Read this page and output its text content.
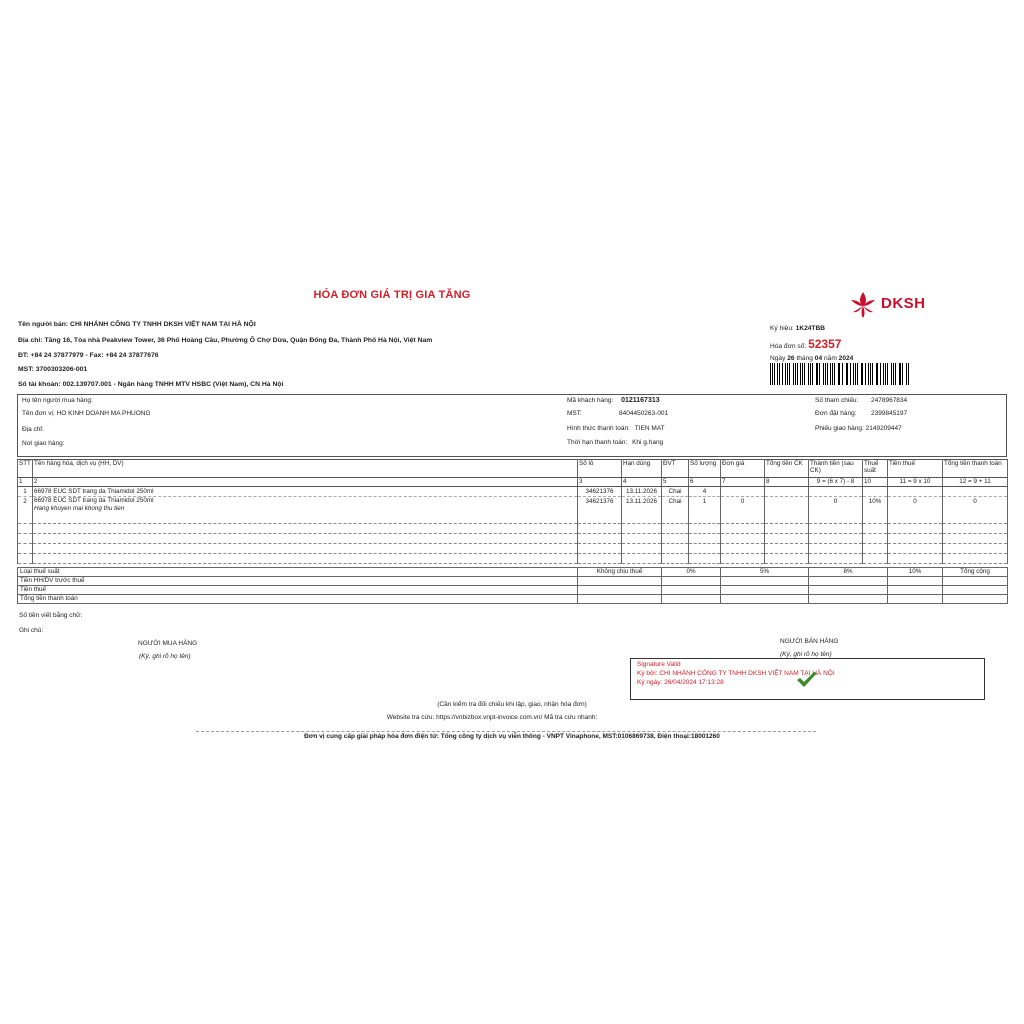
HÓA ĐƠN GIÁ TRỊ GIA TĂNG	DKSH
Tên người bán: CHI NHÁNH CÔNG TY TNHH DKSH VIỆT NAM TẠI HÀ NỘI
Địa chỉ: Tầng 16, Tòa nhà Peakview Tower, 36 Phố Hoàng Cầu, Phường Ô Chợ Dừa, Quận Đống Đa, Thành Phố Hà Nội, Việt Nam
ĐT: +84 24 37877979 - Fax: +84 24 37877676
MST: 3700303206-001
Số tài khoản: 002.139707.001 - Ngân hàng TNHH MTV HSBC (Việt Nam), CN Hà Nội
Ký hiệu: 1K24TBB
Hóa đơn số: 52357
Ngày 26 tháng 04 năm 2024
Họ tên người mua hàng:
Tên đơn vị: HO KINH DOANH MA PHUONG
Địa chỉ:
Nơi giao hàng:
Mã khách hàng: 0121167313
MST:	8404450263-001
Hình thức thanh toán: TIEN MAT
Thời hạn thanh toán: Khi g.hang
Số tham chiếu: 2478967834
Đơn đặt hàng: 2399845197
Phiếu giao hàng: 2149209447
STT	Tên hàng hóa, dịch vụ (HH, DV)	Số lô	Hạn dùng	ĐVT	Số lượng	Đơn giá	Tổng tiền CK	Thành tiền (sau CK)	Thuế suất	Tiền thuế	Tổng tiền thanh toán
1	2	3	4	5	6	7	8	9 = (6 x 7) - 8	10	11 = 9 x 10	12 = 9 + 11
1	66978 EUC SDT trang da Thiamidol 250ml	34621376	13.11.2026	Chai	4						
2	66978 EUC SDT trang da Thiamidol 250ml
Hang khuyen mai khong thu tien	34621376	13.11.2026	Chai	1	0		0	10%	0	0

Loại thuế suất	Không chịu thuế	0%	5%	8%	10%	Tổng cộng
Tiền HH/DV trước thuế						
Tiền thuế						
Tổng tiền thanh toán						
Số tiền viết bằng chữ:
Ghi chú:
NGƯỜI MUA HÀNG
(Ký, ghi rõ họ tên)
NGƯỜI BÁN HÀNG
(Ký, ghi rõ họ tên)
Signature Valid
Ký bởi: CHI NHÁNH CÔNG TY TNHH DKSH VIỆT NAM TẠI HÀ NỘI
Ký ngày: 26/04/2024 17:13:28
(Cần kiểm tra đối chiếu khi lập, giao, nhận hóa đơn)
Website tra cứu: https://vnbizbox.vnpt-invoice.com.vn/ Mã tra cứu nhanh:
Đơn vị cung cấp giải pháp hóa đơn điện tử: Tổng công ty dịch vụ viễn thông - VNPT Vinaphone, MST:0106869738, Điện thoại:18001260
